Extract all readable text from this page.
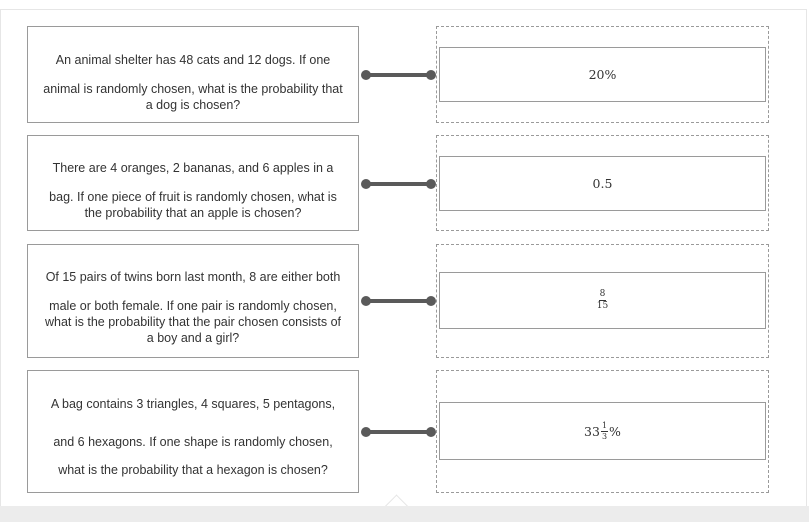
An animal shelter has 48 cats and 12 dogs. If one

animal is randomly chosen, what is the probability that

a dog is chosen?

20%

There are 4 oranges, 2 bananas, and 6 apples in a

bag. If one piece of fruit is randomly chosen, what is

the probability that an apple is chosen?

0.5

Of 15 pairs of twins born last month, 8 are either both

male or both female. If one pair is randomly chosen,

what is the probability that the pair chosen consists of

a boy and a girl?

$\frac{8}{15}$

A bag contains 3 triangles, 4 squares, 5 pentagons,

and 6 hexagons. If one shape is randomly chosen,

what is the probability that a hexagon is chosen?

$33 \frac{1}{3}$ %
